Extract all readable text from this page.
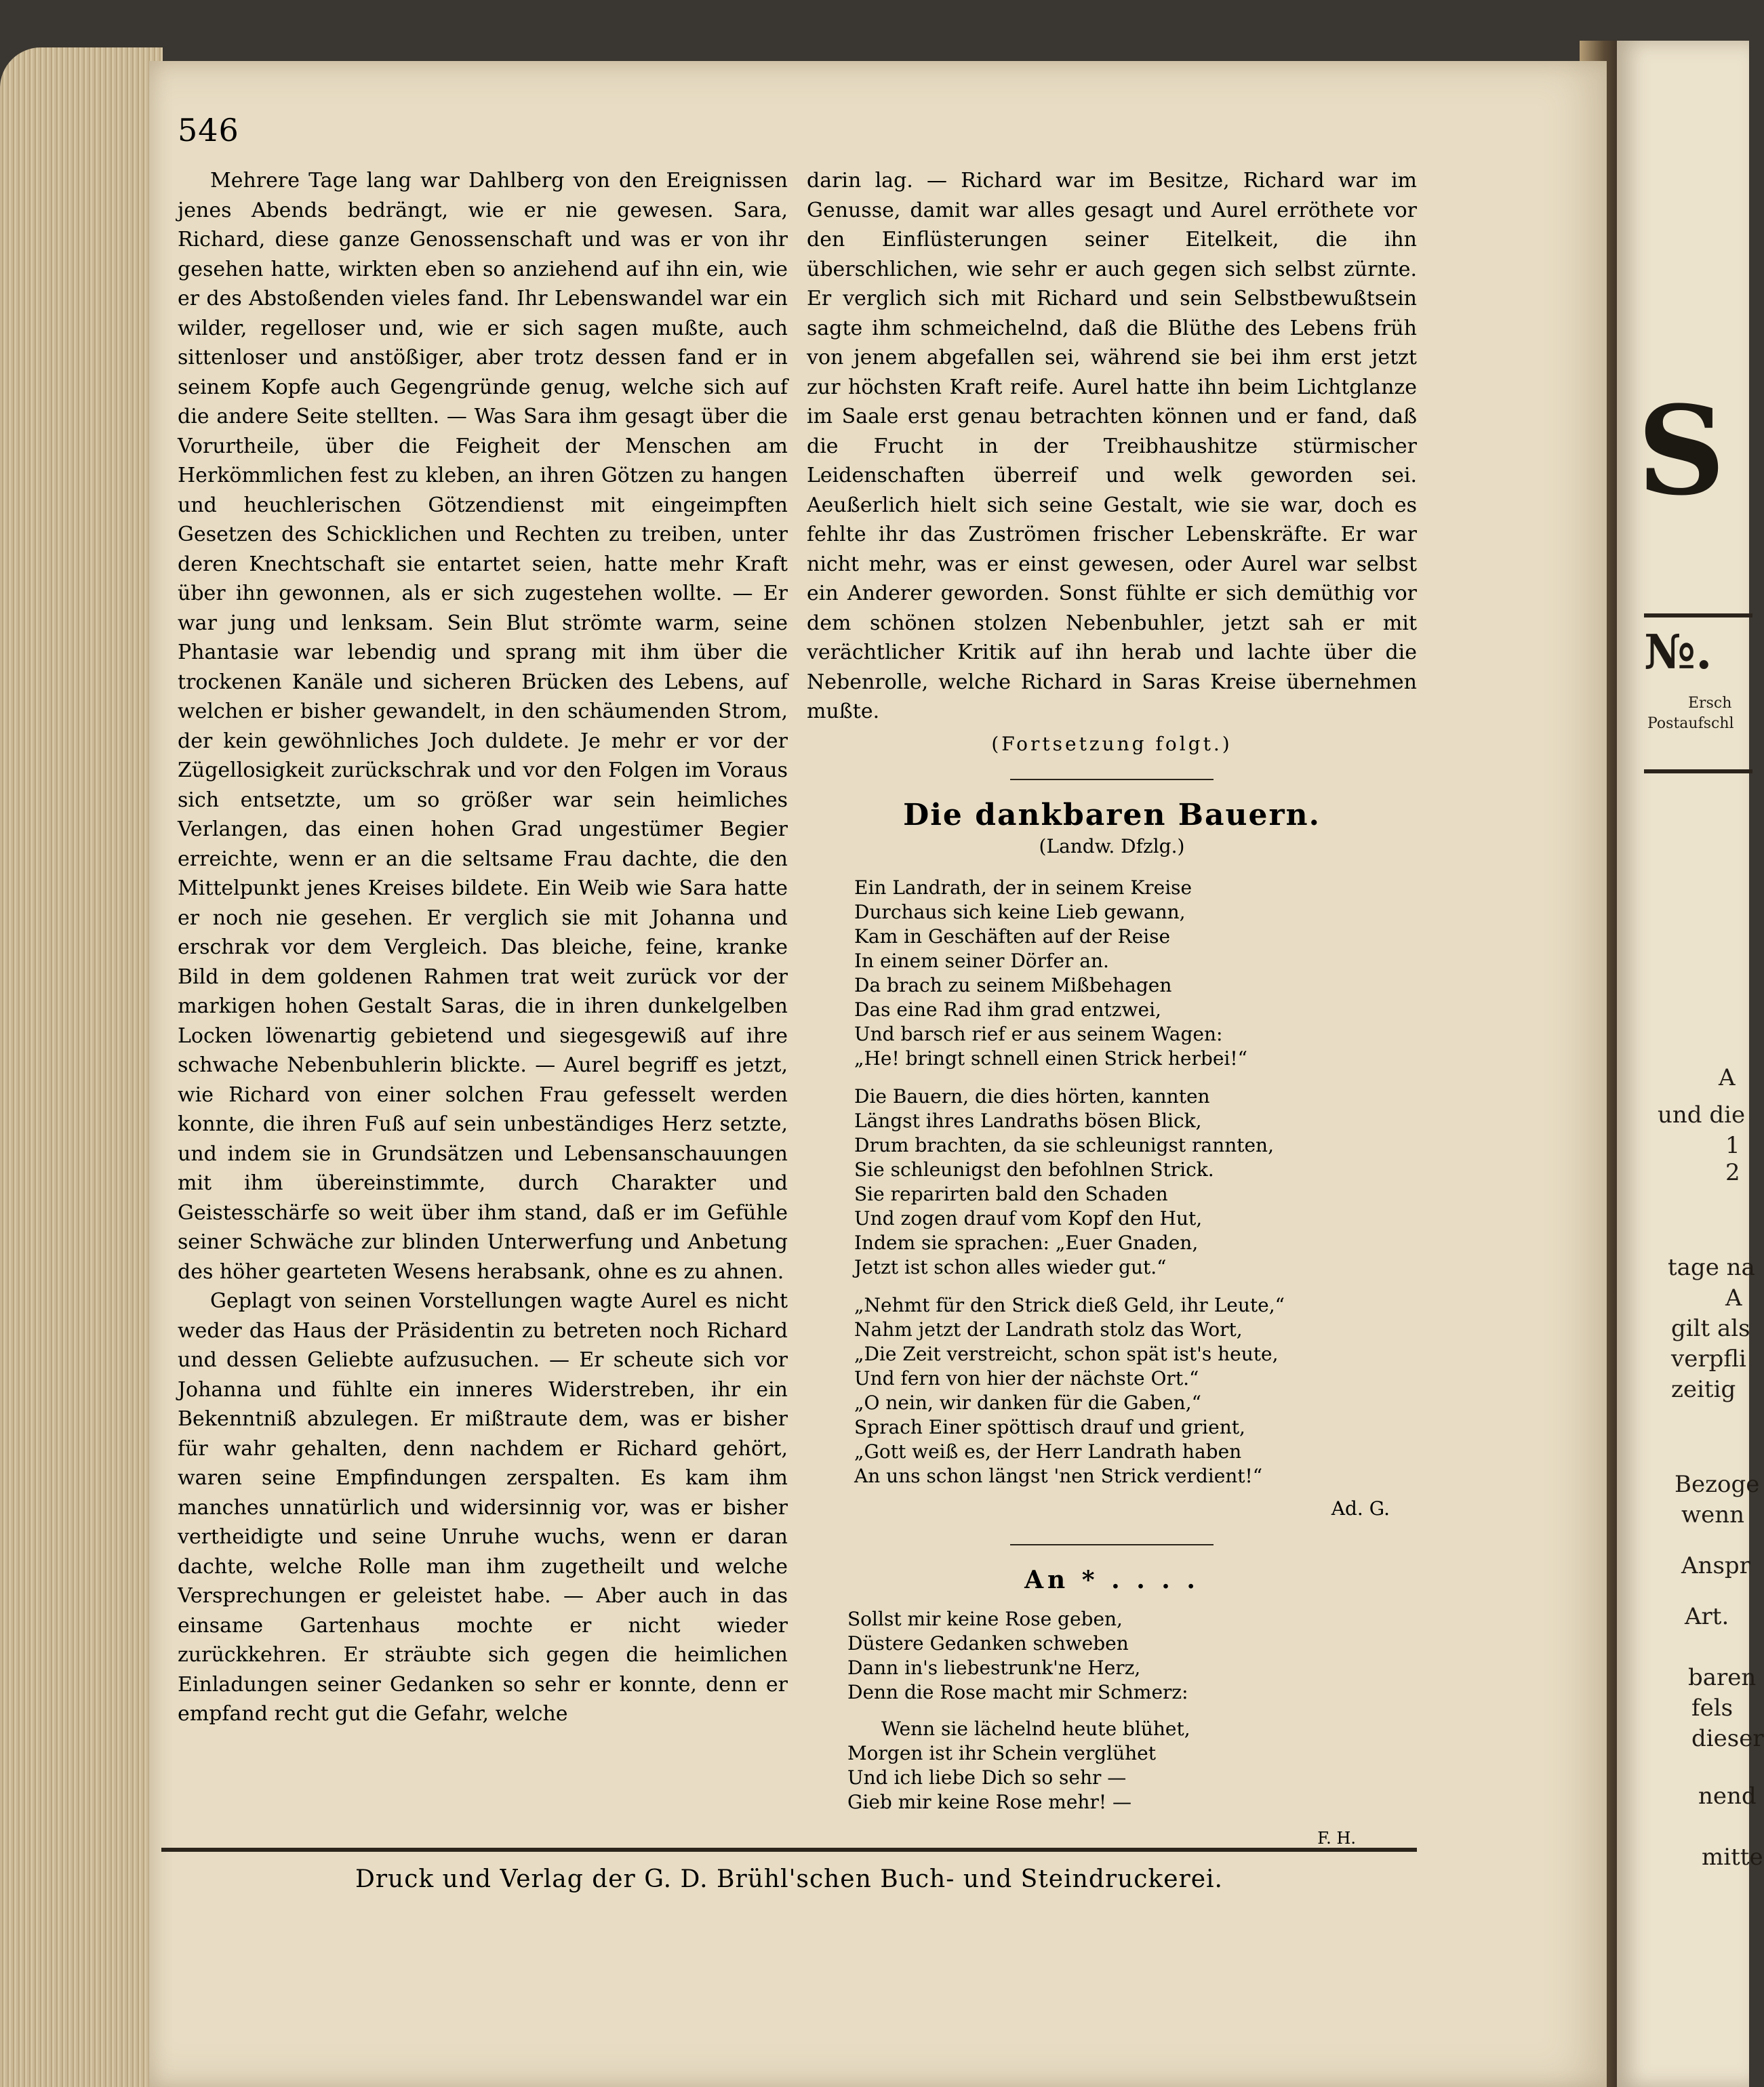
546

Mehrere Tage lang war Dahlberg von den Ereignissen jenes Abends bedrängt, wie er nie gewesen. Sara, Richard, diese ganze Genossenschaft und was er von ihr gesehen hatte, wirkten eben so anziehend auf ihn ein, wie er des Abstoßenden vieles fand. Ihr Lebenswandel war ein wilder, regelloser und, wie er sich sagen mußte, auch sittenloser und anstößiger, aber trotz dessen fand er in seinem Kopfe auch Gegengründe genug, welche sich auf die andere Seite stellten. — Was Sara ihm gesagt über die Vorurtheile, über die Feigheit der Menschen am Herkömmlichen fest zu kleben, an ihren Götzen zu hangen und heuchlerischen Götzendienst mit eingeimpften Gesetzen des Schicklichen und Rechten zu treiben, unter deren Knechtschaft sie entartet seien, hatte mehr Kraft über ihn gewonnen, als er sich zugestehen wollte. — Er war jung und lenksam. Sein Blut strömte warm, seine Phantasie war lebendig und sprang mit ihm über die trockenen Kanäle und sicheren Brücken des Lebens, auf welchen er bisher gewandelt, in den schäumenden Strom, der kein gewöhnliches Joch duldete. Je mehr er vor der Zügellosigkeit zurückschrak und vor den Folgen im Voraus sich entsetzte, um so größer war sein heimliches Verlangen, das einen hohen Grad ungestümer Begier erreichte, wenn er an die seltsame Frau dachte, die den Mittelpunkt jenes Kreises bildete. Ein Weib wie Sara hatte er noch nie gesehen. Er verglich sie mit Johanna und erschrak vor dem Vergleich. Das bleiche, feine, kranke Bild in dem goldenen Rahmen trat weit zurück vor der markigen hohen Gestalt Saras, die in ihren dunkelgelben Locken löwenartig gebietend und siegesgewiß auf ihre schwache Nebenbuhlerin blickte. — Aurel begriff es jetzt, wie Richard von einer solchen Frau gefesselt werden konnte, die ihren Fuß auf sein unbeständiges Herz setzte, und indem sie in Grundsätzen und Lebensanschauungen mit ihm übereinstimmte, durch Charakter und Geistesschärfe so weit über ihm stand, daß er im Gefühle seiner Schwäche zur blinden Unterwerfung und Anbetung des höher gearteten Wesens herabsank, ohne es zu ahnen.

Geplagt von seinen Vorstellungen wagte Aurel es nicht weder das Haus der Präsidentin zu betreten noch Richard und dessen Geliebte aufzusuchen. — Er scheute sich vor Johanna und fühlte ein inneres Widerstreben, ihr ein Bekenntniß abzulegen. Er mißtraute dem, was er bisher für wahr gehalten, denn nachdem er Richard gehört, waren seine Empfindungen zerspalten. Es kam ihm manches unnatürlich und widersinnig vor, was er bisher vertheidigte und seine Unruhe wuchs, wenn er daran dachte, welche Rolle man ihm zugetheilt und welche Versprechungen er geleistet habe. — Aber auch in das einsame Gartenhaus mochte er nicht wieder zurückkehren. Er sträubte sich gegen die heimlichen Einladungen seiner Gedanken so sehr er konnte, denn er empfand recht gut die Gefahr, welche

darin lag. — Richard war im Besitze, Richard war im Genusse, damit war alles gesagt und Aurel erröthete vor den Einflüsterungen seiner Eitelkeit, die ihn überschlichen, wie sehr er auch gegen sich selbst zürnte. Er verglich sich mit Richard und sein Selbstbewußtsein sagte ihm schmeichelnd, daß die Blüthe des Lebens früh von jenem abgefallen sei, während sie bei ihm erst jetzt zur höchsten Kraft reife. Aurel hatte ihn beim Lichtglanze im Saale erst genau betrachten können und er fand, daß die Frucht in der Treibhaushitze stürmischer Leidenschaften überreif und welk geworden sei. Aeußerlich hielt sich seine Gestalt, wie sie war, doch es fehlte ihr das Zuströmen frischer Lebenskräfte. Er war nicht mehr, was er einst gewesen, oder Aurel war selbst ein Anderer geworden. Sonst fühlte er sich demüthig vor dem schönen stolzen Nebenbuhler, jetzt sah er mit verächtlicher Kritik auf ihn herab und lachte über die Nebenrolle, welche Richard in Saras Kreise übernehmen mußte.

(Fortsetzung folgt.)
Die dankbaren Bauern.
(Landw. Dfzlg.)
Ein Landrath, der in seinem Kreise
Durchaus sich keine Lieb gewann,
Kam in Geschäften auf der Reise
In einem seiner Dörfer an.
Da brach zu seinem Mißbehagen
Das eine Rad ihm grad entzwei,
Und barsch rief er aus seinem Wagen:
„He! bringt schnell einen Strick herbei!“
Die Bauern, die dies hörten, kannten
Längst ihres Landraths bösen Blick,
Drum brachten, da sie schleunigst rannten,
Sie schleunigst den befohlnen Strick.
Sie reparirten bald den Schaden
Und zogen drauf vom Kopf den Hut,
Indem sie sprachen: „Euer Gnaden,
Jetzt ist schon alles wieder gut.“
„Nehmt für den Strick dieß Geld, ihr Leute,“
Nahm jetzt der Landrath stolz das Wort,
„Die Zeit verstreicht, schon spät ist's heute,
Und fern von hier der nächste Ort.“
„O nein, wir danken für die Gaben,“
Sprach Einer spöttisch drauf und grient,
„Gott weiß es, der Herr Landrath haben
An uns schon längst 'nen Strick verdient!“
Ad. G.
An * . . . .
Sollst mir keine Rose geben,
Düstere Gedanken schweben
Dann in's liebestrunk'ne Herz,
Denn die Rose macht mir Schmerz:
Wenn sie lächelnd heute blühet,
Morgen ist ihr Schein verglühet
Und ich liebe Dich so sehr —
Gieb mir keine Rose mehr! —
F. H.
Druck und Verlag der G. D. Brühl'schen Buch- und Steindruckerei.
S
№.
Ersch
Postaufschl
A
und die
1
2
tage na
A
gilt als
verpfli
zeitig
Bezoge
wenn
Anspr
Art.
baren
fels
dieser
nend
mitte
